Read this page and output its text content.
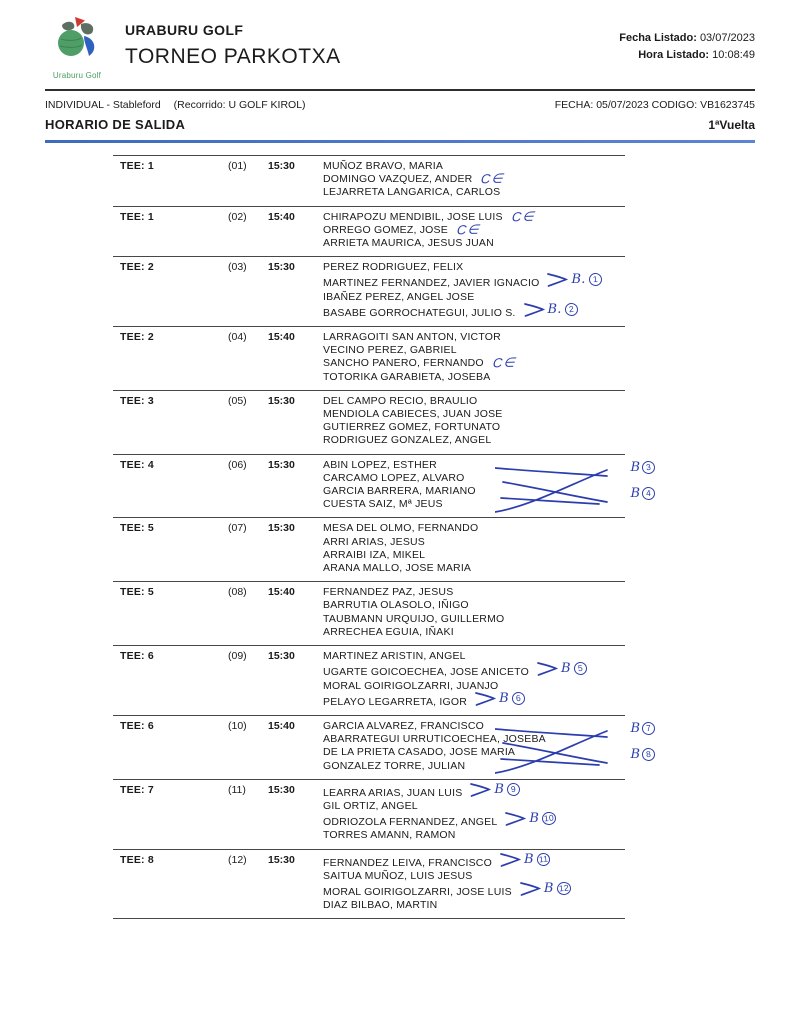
Uraburu Golf
URABURU GOLF
TORNEO PARKOTXA
Fecha Listado: 03/07/2023
Hora Listado: 10:08:49
INDIVIDUAL - Stableford (Recorrido: U GOLF KIROL)	FECHA: 05/07/2023 CODIGO: VB1623745
HORARIO DE SALIDA	1ªVuelta
TEE: 1	(01)	15:30	MUÑOZ BRAVO, MARIA
DOMINGO VAZQUEZ, ANDER C∈
LEJARRETA LANGARICA, CARLOS
TEE: 1	(02)	15:40	CHIRAPOZU MENDIBIL, JOSE LUIS C∈
ORREGO GOMEZ, JOSE C∈
ARRIETA MAURICA, JESUS JUAN
TEE: 2	(03)	15:30	PEREZ RODRIGUEZ, FELIX
MARTINEZ FERNANDEZ, JAVIER IGNACIO B. 1
IBAÑEZ PEREZ, ANGEL JOSE
BASABE GORROCHATEGUI, JULIO S. B. 2
TEE: 2	(04)	15:40	LARRAGOITI SAN ANTON, VICTOR
VECINO PEREZ, GABRIEL
SANCHO PANERO, FERNANDO C∈
TOTORIKA GARABIETA, JOSEBA
TEE: 3	(05)	15:30	DEL CAMPO RECIO, BRAULIO
MENDIOLA CABIECES, JUAN JOSE
GUTIERREZ GOMEZ, FORTUNATO
RODRIGUEZ GONZALEZ, ANGEL
TEE: 4	(06)	15:30	ABIN LOPEZ, ESTHER
CARCAMO LOPEZ, ALVARO
GARCIA BARRERA, MARIANO
CUESTA SAIZ, Mª JEUS
B 3
B 4
TEE: 5	(07)	15:30	MESA DEL OLMO, FERNANDO
ARRI ARIAS, JESUS
ARRAIBI IZA, MIKEL
ARANA MALLO, JOSE MARIA
TEE: 5	(08)	15:40	FERNANDEZ PAZ, JESUS
BARRUTIA OLASOLO, IÑIGO
TAUBMANN URQUIJO, GUILLERMO
ARRECHEA EGUIA, IÑAKI
TEE: 6	(09)	15:30	MARTINEZ ARISTIN, ANGEL
UGARTE GOICOECHEA, JOSE ANICETO B 5
MORAL GOIRIGOLZARRI, JUANJO
PELAYO LEGARRETA, IGOR B 6
TEE: 6	(10)	15:40	GARCIA ALVAREZ, FRANCISCO
ABARRATEGUI URRUTICOECHEA, JOSEBA
DE LA PRIETA CASADO, JOSE MARIA
GONZALEZ TORRE, JULIAN
B 7
B 8
TEE: 7	(11)	15:30	LEARRA ARIAS, JUAN LUIS B 9
GIL ORTIZ, ANGEL
ODRIOZOLA FERNANDEZ, ANGEL B 10
TORRES AMANN, RAMON
TEE: 8	(12)	15:30	FERNANDEZ LEIVA, FRANCISCO B 11
SAITUA MUÑOZ, LUIS JESUS
MORAL GOIRIGOLZARRI, JOSE LUIS B 12
DIAZ BILBAO, MARTIN
